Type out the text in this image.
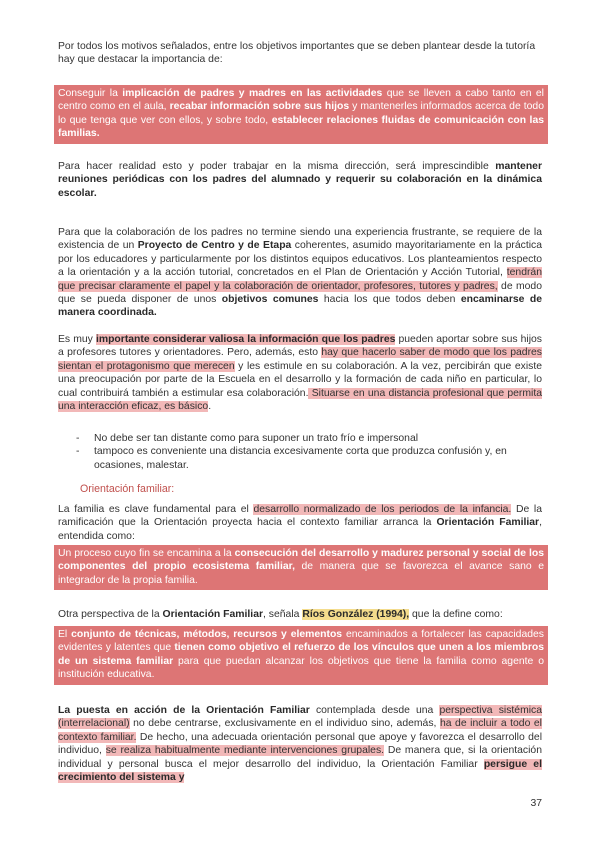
Por todos los motivos señalados, entre los objetivos importantes que se deben plantear desde la tutoría hay que destacar la importancia de:

Conseguir la implicación de padres y madres en las actividades que se lleven a cabo tanto en el centro como en el aula, recabar información sobre sus hijos y mantenerles informados acerca de todo lo que tenga que ver con ellos, y sobre todo, establecer relaciones fluidas de comunicación con las familias.

Para hacer realidad esto y poder trabajar en la misma dirección, será imprescindible mantener reuniones periódicas con los padres del alumnado y requerir su colaboración en la dinámica escolar.

Para que la colaboración de los padres no termine siendo una experiencia frustrante, se requiere de la existencia de un Proyecto de Centro y de Etapa coherentes, asumido mayoritariamente en la práctica por los educadores y particularmente por los distintos equipos educativos. Los planteamientos respecto a la orientación y a la acción tutorial, concretados en el Plan de Orientación y Acción Tutorial, tendrán que precisar claramente el papel y la colaboración de orientador, profesores, tutores y padres, de modo que se pueda disponer de unos objetivos comunes hacia los que todos deben encaminarse de manera coordinada.

Es muy importante considerar valiosa la información que los padres pueden aportar sobre sus hijos a profesores tutores y orientadores. Pero, además, esto hay que hacerlo saber de modo que los padres sientan el protagonismo que merecen y les estimule en su colaboración. A la vez, percibirán que existe una preocupación por parte de la Escuela en el desarrollo y la formación de cada niño en particular, lo cual contribuirá también a estimular esa colaboración. Situarse en una distancia profesional que permita una interacción eficaz, es básico.

- No debe ser tan distante como para suponer un trato frío e impersonal
- tampoco es conveniente una distancia excesivamente corta que produzca confusión y, en ocasiones, malestar.
Orientación familiar:

La familia es clave fundamental para el desarrollo normalizado de los periodos de la infancia. De la ramificación que la Orientación proyecta hacia el contexto familiar arranca la Orientación Familiar, entendida como:

Un proceso cuyo fin se encamina a la consecución del desarrollo y madurez personal y social de los componentes del propio ecosistema familiar, de manera que se favorezca el avance sano e integrador de la propia familia.

Otra perspectiva de la Orientación Familiar, señala Ríos González (1994), que la define como:

El conjunto de técnicas, métodos, recursos y elementos encaminados a fortalecer las capacidades evidentes y latentes que tienen como objetivo el refuerzo de los vínculos que unen a los miembros de un sistema familiar para que puedan alcanzar los objetivos que tiene la familia como agente o institución educativa.

La puesta en acción de la Orientación Familiar contemplada desde una perspectiva sistémica (interrelacional) no debe centrarse, exclusivamente en el individuo sino, además, ha de incluir a todo el contexto familiar. De hecho, una adecuada orientación personal que apoye y favorezca el desarrollo del individuo, se realiza habitualmente mediante intervenciones grupales. De manera que, si la orientación individual y personal busca el mejor desarrollo del individuo, la Orientación Familiar persigue el crecimiento del sistema y

37
